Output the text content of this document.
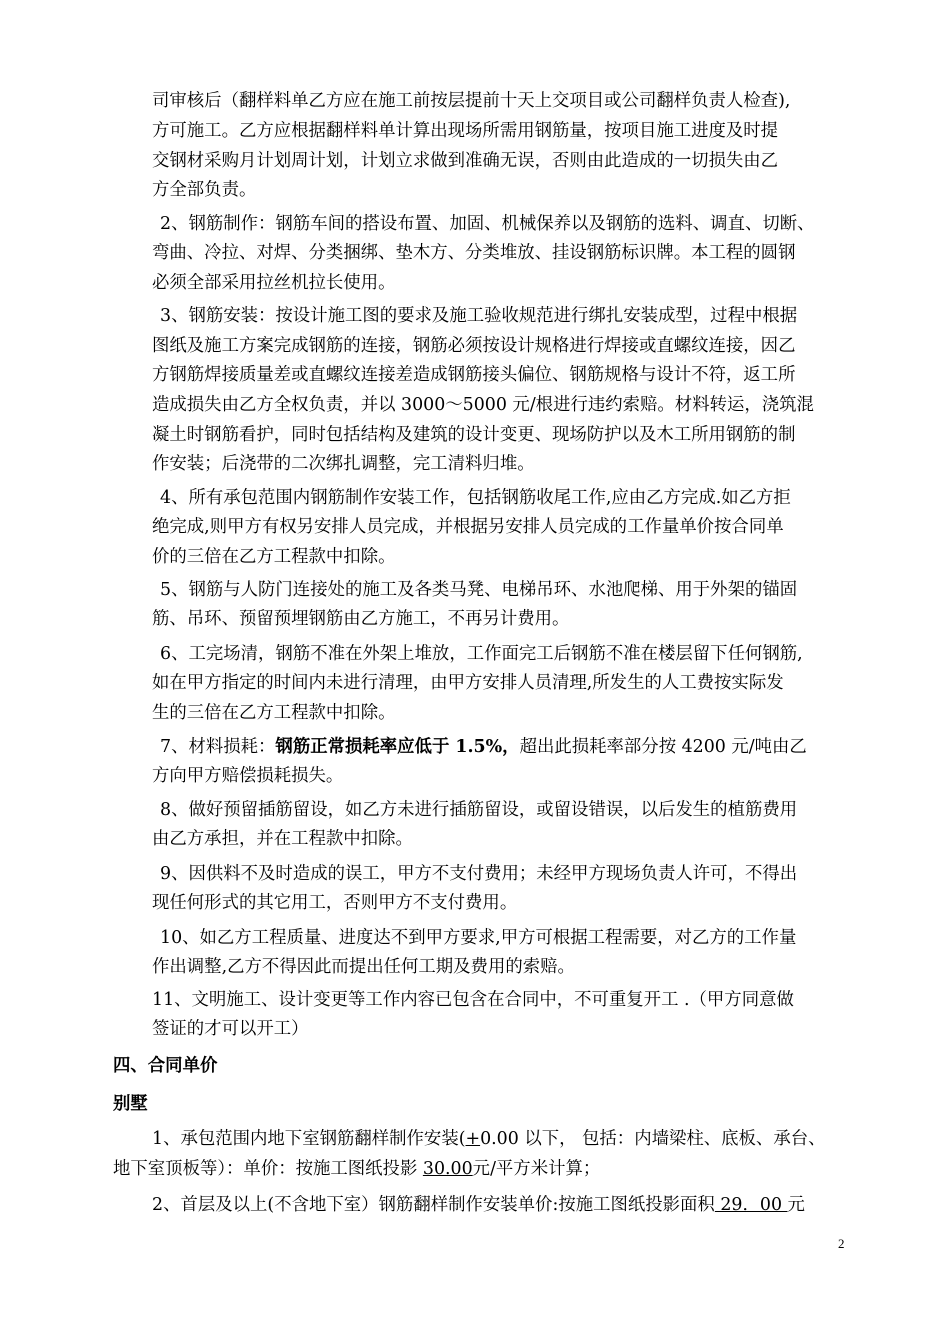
司审核后（翻样料单乙方应在施工前按层提前十天上交项目或公司翻样负责人检查),
方可施工。乙方应根据翻样料单计算出现场所需用钢筋量，按项目施工进度及时提
交钢材采购月计划周计划，计划立求做到准确无误，否则由此造成的一切损失由乙
方全部负责。
2、钢筋制作：钢筋车间的搭设布置、加固、机械保养以及钢筋的选料、调直、切断、
弯曲、冷拉、对焊、分类捆绑、垫木方、分类堆放、挂设钢筋标识牌。本工程的圆钢
必须全部采用拉丝机拉长使用。
3、钢筋安装：按设计施工图的要求及施工验收规范进行绑扎安装成型，过程中根据
图纸及施工方案完成钢筋的连接，钢筋必须按设计规格进行焊接或直螺纹连接，因乙
方钢筋焊接质量差或直螺纹连接差造成钢筋接头偏位、钢筋规格与设计不符，返工所
造成损失由乙方全权负责，并以 3000～5000 元/根进行违约索赔。材料转运，浇筑混
凝土时钢筋看护，同时包括结构及建筑的设计变更、现场防护以及木工所用钢筋的制
作安装；后浇带的二次绑扎调整，完工清料归堆。
4、所有承包范围内钢筋制作安装工作，包括钢筋收尾工作,应由乙方完成.如乙方拒
绝完成,则甲方有权另安排人员完成，并根据另安排人员完成的工作量单价按合同单
价的三倍在乙方工程款中扣除。
5、钢筋与人防门连接处的施工及各类马凳、电梯吊环、水池爬梯、用于外架的锚固
筋、吊环、预留预埋钢筋由乙方施工，不再另计费用。
6、工完场清，钢筋不准在外架上堆放，工作面完工后钢筋不准在楼层留下任何钢筋,
如在甲方指定的时间内未进行清理，由甲方安排人员清理,所发生的人工费按实际发
生的三倍在乙方工程款中扣除。
7、材料损耗：钢筋正常损耗率应低于 1.5%，超出此损耗率部分按 4200 元/吨由乙
方向甲方赔偿损耗损失。
8、做好预留插筋留设，如乙方未进行插筋留设，或留设错误，以后发生的植筋费用
由乙方承担，并在工程款中扣除。
9、因供料不及时造成的误工，甲方不支付费用；未经甲方现场负责人许可，不得出
现任何形式的其它用工，否则甲方不支付费用。
10、如乙方工程质量、进度达不到甲方要求,甲方可根据工程需要，对乙方的工作量
作出调整,乙方不得因此而提出任何工期及费用的索赔。
11、文明施工、设计变更等工作内容已包含在合同中，不可重复开工 .（甲方同意做
签证的才可以开工）
四、合同单价
别墅
1、承包范围内地下室钢筋翻样制作安装(+0.00 以下， 包括：内墙梁柱、底板、承台、
地下室顶板等）：单价：按施工图纸投影 30.00元/平方米计算；
2、首层及以上(不含地下室）钢筋翻样制作安装单价:按施工图纸投影面积 29．00 元
2
